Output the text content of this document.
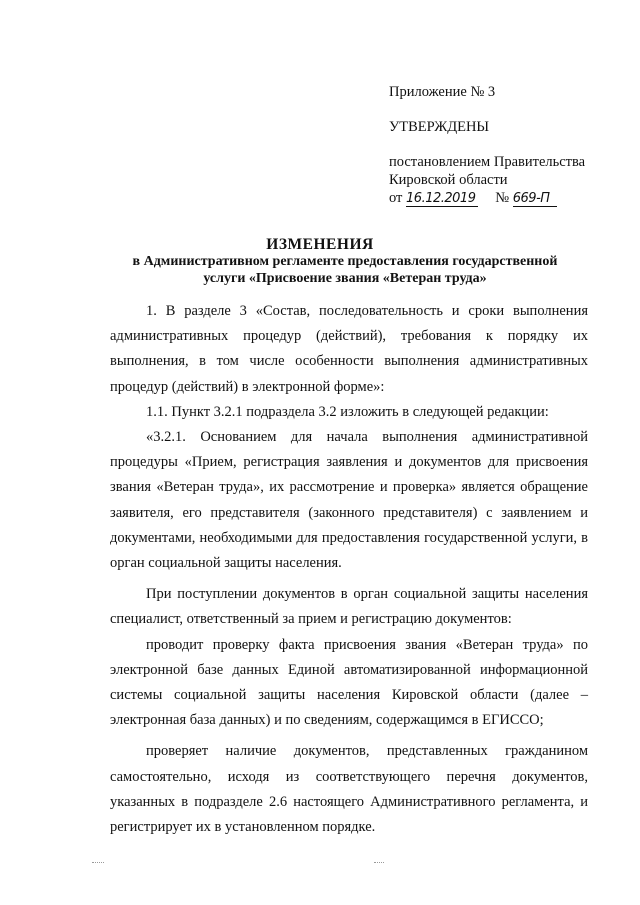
Приложение № 3
УТВЕРЖДЕНЫ
постановлением Правительства
Кировской области
от 16.12.2019 № 669-П
ИЗМЕНЕНИЯ
в Административном регламенте предоставления государственной услуги «Присвоение звания «Ветеран труда»

1. В разделе 3 «Состав, последовательность и сроки выполнения административных процедур (действий), требования к порядку их выполнения, в том числе особенности выполнения административных процедур (действий) в электронной форме»:

1.1. Пункт 3.2.1 подраздела 3.2 изложить в следующей редакции:

«3.2.1. Основанием для начала выполнения административной процедуры «Прием, регистрация заявления и документов для присвоения звания «Ветеран труда», их рассмотрение и проверка» является обращение заявителя, его представителя (законного представителя) с заявлением и документами, необходимыми для предоставления государственной услуги, в орган социальной защиты населения.

При поступлении документов в орган социальной защиты населения специалист, ответственный за прием и регистрацию документов:

проводит проверку факта присвоения звания «Ветеран труда» по электронной базе данных Единой автоматизированной информационной системы социальной защиты населения Кировской области (далее – электронная база данных) и по сведениям, содержащимся в ЕГИССО;

проверяет наличие документов, представленных гражданином самостоятельно, исходя из соответствующего перечня документов, указанных в подразделе 2.6 настоящего Административного регламента, и регистрирует их в установленном порядке.
